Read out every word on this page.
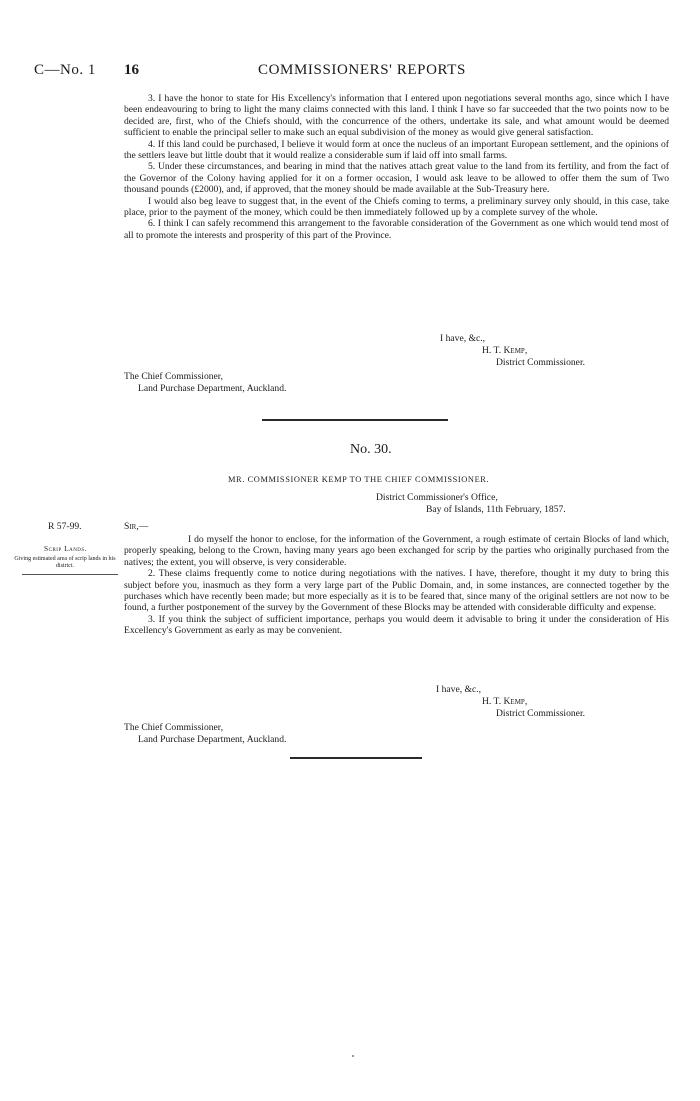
C—No. 1 16	COMMISSIONERS' REPORTS

3. I have the honor to state for His Excellency's information that I entered upon negotiations several months ago, since which I have been endeavouring to bring to light the many claims connected with this land. I think I have so far succeeded that the two points now to be decided are, first, who of the Chiefs should, with the concurrence of the others, undertake its sale, and what amount would be deemed sufficient to enable the principal seller to make such an equal subdivision of the money as would give general satisfaction.

4. If this land could be purchased, I believe it would form at once the nucleus of an important European settlement, and the opinions of the settlers leave but little doubt that it would realize a considerable sum if laid off into small farms.

5. Under these circumstances, and bearing in mind that the natives attach great value to the land from its fertility, and from the fact of the Governor of the Colony having applied for it on a former occasion, I would ask leave to be allowed to offer them the sum of Two thousand pounds (£2000), and, if approved, that the money should be made available at the Sub-Treasury here.

I would also beg leave to suggest that, in the event of the Chiefs coming to terms, a preliminary survey only should, in this case, take place, prior to the payment of the money, which could be then immediately followed up by a complete survey of the whole.

6. I think I can safely recommend this arrangement to the favorable consideration of the Government as one which would tend most of all to promote the interests and prosperity of this part of the Province.

I have, &c.,
H. T. Kemp,
District Commissioner.
The Chief Commissioner,
Land Purchase Department, Auckland.
No. 30.
MR. COMMISSIONER KEMP TO THE CHIEF COMMISSIONER.
District Commissioner's Office,
Bay of Islands, 11th February, 1857.
R 57-99.
Scrip Lands.
Giving estimated area of scrip lands in his district.
Sir,—

I do myself the honor to enclose, for the information of the Government, a rough estimate of certain Blocks of land which, properly speaking, belong to the Crown, having many years ago been exchanged for scrip by the parties who originally purchased from the natives; the extent, you will observe, is very considerable.

2. These claims frequently come to notice during negotiations with the natives. I have, therefore, thought it my duty to bring this subject before you, inasmuch as they form a very large part of the Public Domain, and, in some instances, are connected together by the purchases which have recently been made; but more especially as it is to be feared that, since many of the original settlers are not now to be found, a further postponement of the survey by the Government of these Blocks may be attended with considerable difficulty and expense.

3. If you think the subject of sufficient importance, perhaps you would deem it advisable to bring it under the consideration of His Excellency's Government as early as may be convenient.

I have, &c.,
H. T. Kemp,
District Commissioner.
The Chief Commissioner,
Land Purchase Department, Auckland.
